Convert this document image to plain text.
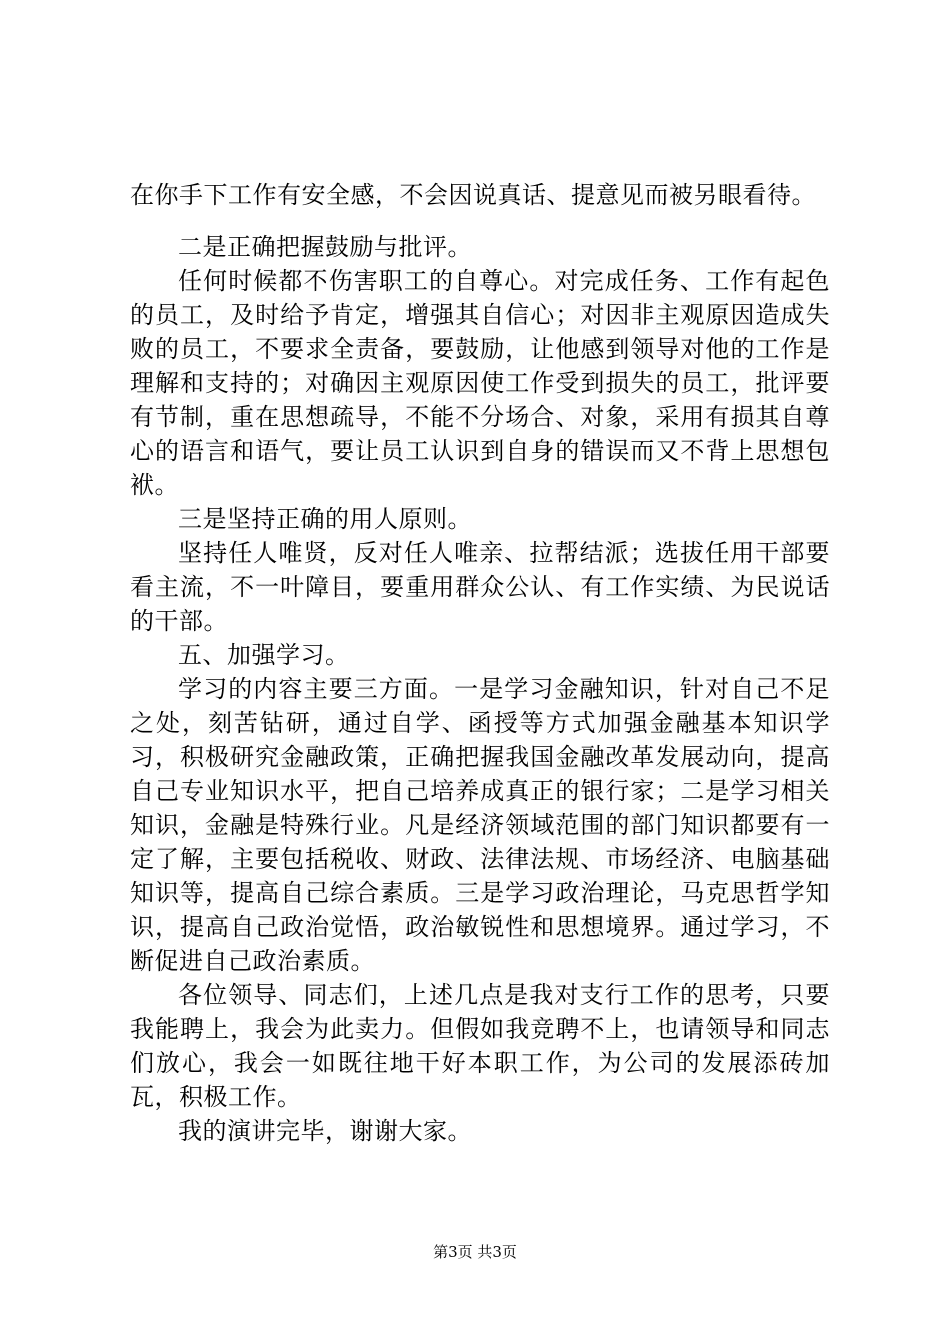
在你手下工作有安全感，不会因说真话、提意见而被另眼看待。

二是正确把握鼓励与批评。

任何时候都不伤害职工的自尊心。对完成任务、工作有起色的员工，及时给予肯定，增强其自信心；对因非主观原因造成失败的员工，不要求全责备，要鼓励，让他感到领导对他的工作是理解和支持的；对确因主观原因使工作受到损失的员工，批评要有节制，重在思想疏导，不能不分场合、对象，采用有损其自尊心的语言和语气，要让员工认识到自身的错误而又不背上思想包袱。

三是坚持正确的用人原则。

坚持任人唯贤，反对任人唯亲、拉帮结派；选拔任用干部要看主流，不一叶障目，要重用群众公认、有工作实绩、为民说话的干部。

五、加强学习。

学习的内容主要三方面。一是学习金融知识，针对自己不足之处，刻苦钻研，通过自学、函授等方式加强金融基本知识学习，积极研究金融政策，正确把握我国金融改革发展动向，提高自己专业知识水平，把自己培养成真正的银行家；二是学习相关知识，金融是特殊行业。凡是经济领域范围的部门知识都要有一定了解，主要包括税收、财政、法律法规、市场经济、电脑基础知识等，提高自己综合素质。三是学习政治理论，马克思哲学知识，提高自己政治觉悟，政治敏锐性和思想境界。通过学习，不断促进自己政治素质。

各位领导、同志们，上述几点是我对支行工作的思考，只要我能聘上，我会为此卖力。但假如我竞聘不上，也请领导和同志们放心，我会一如既往地干好本职工作，为公司的发展添砖加瓦，积极工作。

我的演讲完毕，谢谢大家。

第3页 共3页
